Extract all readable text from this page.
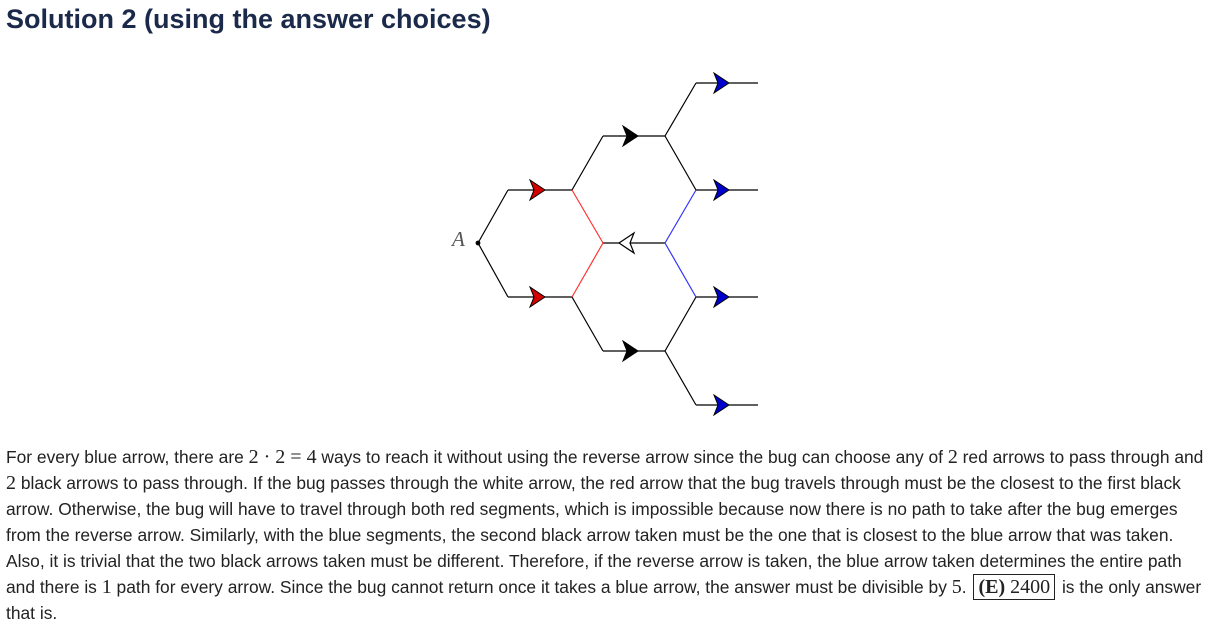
Solution 2 (using the answer choices)
A

For every blue arrow, there are 2 · 2 = 4 ways to reach it without using the reverse arrow since the bug can choose any of 2 red arrows to pass through and 2 black arrows to pass through. If the bug passes through the white arrow, the red arrow that the bug travels through must be the closest to the first black arrow. Otherwise, the bug will have to travel through both red segments, which is impossible because now there is no path to take after the bug emerges from the reverse arrow. Similarly, with the blue segments, the second black arrow taken must be the one that is closest to the blue arrow that was taken. Also, it is trivial that the two black arrows taken must be different. Therefore, if the reverse arrow is taken, the blue arrow taken determines the entire path and there is 1 path for every arrow. Since the bug cannot return once it takes a blue arrow, the answer must be divisible by 5. (E) 2400 is the only answer that is.
